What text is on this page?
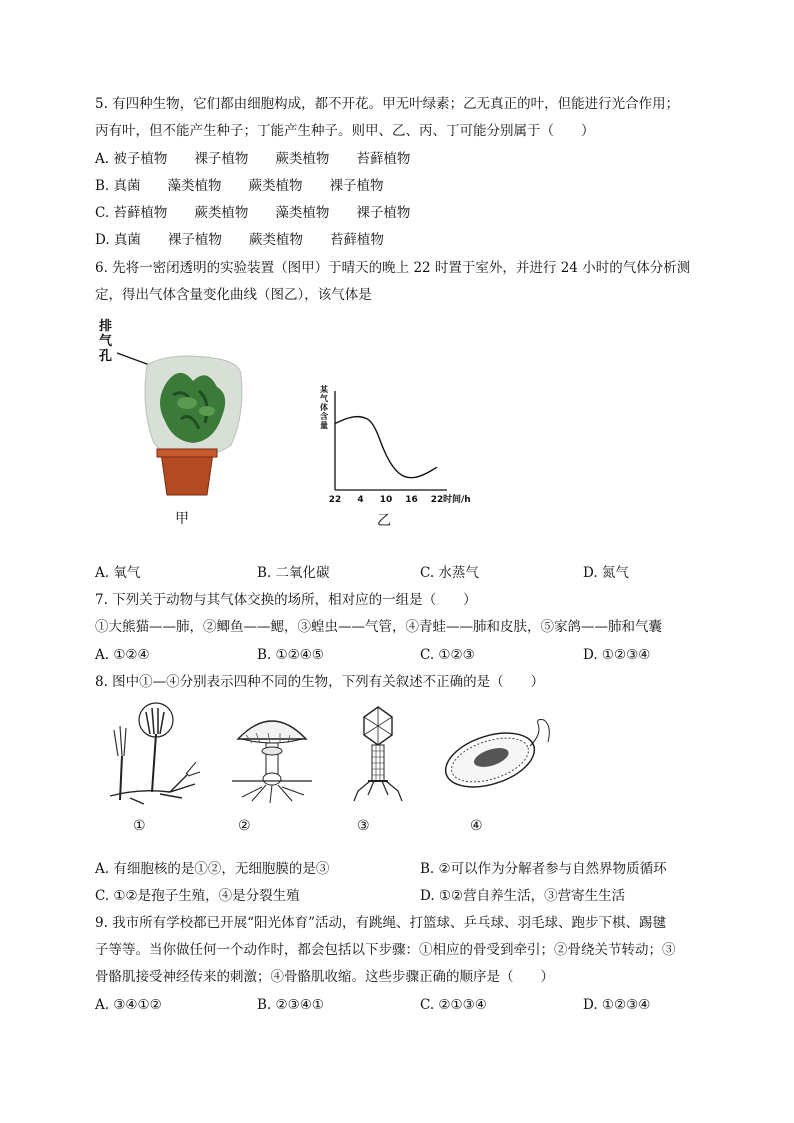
5. 有四种生物，它们都由细胞构成，都不开花。甲无叶绿素；乙无真正的叶，但能进行光合作用；
丙有叶，但不能产生种子；丁能产生种子。则甲、乙、丙、丁可能分别属于（　　）
A. 被子植物　　裸子植物　　蕨类植物　　苔藓植物
B. 真菌　　藻类植物　　蕨类植物　　裸子植物
C. 苔藓植物　　蕨类植物　　藻类植物　　裸子植物
D. 真菌　　裸子植物　　蕨类植物　　苔藓植物
6. 先将一密闭透明的实验装置（图甲）于晴天的晚上 22 时置于室外，并进行 24 小时的气体分析测
定，得出气体含量变化曲线（图乙），该气体是
排
气
孔
甲
某
气
体
含
量
22 4 10 16 22 时间/h
乙
A. 氧气	B. 二氧化碳	C. 水蒸气	D. 氮气
7. 下列关于动物与其气体交换的场所，相对应的一组是（　　）
①大熊猫——肺，②鲫鱼——鳃，③蝗虫——气管，④青蛙——肺和皮肤，⑤家鸽——肺和气囊
A. ①②④	B. ①②④⑤	C. ①②③	D. ①②③④
8. 图中①—④分别表示四种不同的生物，下列有关叙述不正确的是（　　）
①	②	③	④
A. 有细胞核的是①②，无细胞膜的是③	B. ②可以作为分解者参与自然界物质循环
C. ①②是孢子生殖，④是分裂生殖	D. ①②营自养生活，③营寄生生活
9. 我市所有学校都已开展“阳光体育”活动，有跳绳、打篮球、乒乓球、羽毛球、跑步下棋、踢毽
子等等。当你做任何一个动作时，都会包括以下步骤：①相应的骨受到牵引；②骨绕关节转动；③
骨骼肌接受神经传来的刺激；④骨骼肌收缩。这些步骤正确的顺序是（　　）
A. ③④①②	B. ②③④①	C. ②①③④	D. ①②③④
